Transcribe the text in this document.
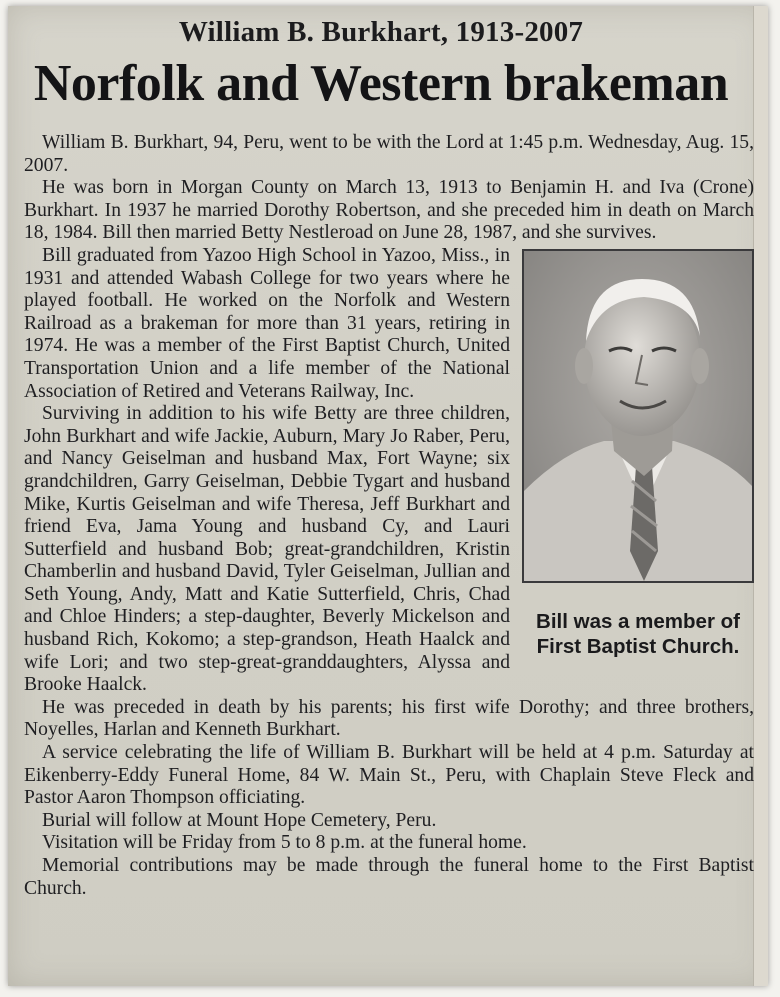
William B. Burkhart, 1913-2007
Norfolk and Western brakeman

William B. Burkhart, 94, Peru, went to be with the Lord at 1:45 p.m. Wednesday, Aug. 15, 2007.

He was born in Morgan County on March 13, 1913 to Benjamin H. and Iva (Crone) Burkhart. In 1937 he married Dorothy Robertson, and she preceded him in death on March 18, 1984. Bill then married Betty Nestleroad on June 28, 1987, and she survives.

Bill was a member of First Baptist Church.

Bill graduated from Yazoo High School in Yazoo, Miss., in 1931 and attended Wabash College for two years where he played football. He worked on the Norfolk and Western Railroad as a brakeman for more than 31 years, retiring in 1974. He was a member of the First Baptist Church, United Transportation Union and a life member of the National Association of Retired and Veterans Railway, Inc.

Surviving in addition to his wife Betty are three children, John Burkhart and wife Jackie, Auburn, Mary Jo Raber, Peru, and Nancy Geiselman and husband Max, Fort Wayne; six grandchildren, Garry Geiselman, Debbie Tygart and husband Mike, Kurtis Geiselman and wife Theresa, Jeff Burkhart and friend Eva, Jama Young and husband Cy, and Lauri Sutterfield and husband Bob; great-grandchildren, Kristin Chamberlin and husband David, Tyler Geiselman, Jullian and Seth Young, Andy, Matt and Katie Sutterfield, Chris, Chad and Chloe Hinders; a step-daughter, Beverly Mickelson and husband Rich, Kokomo; a step-grandson, Heath Haalck and wife Lori; and two step-great-granddaughters, Alyssa and Brooke Haalck.

He was preceded in death by his parents; his first wife Dorothy; and three brothers, Noyelles, Harlan and Kenneth Burkhart.

A service celebrating the life of William B. Burkhart will be held at 4 p.m. Saturday at Eikenberry-Eddy Funeral Home, 84 W. Main St., Peru, with Chaplain Steve Fleck and Pastor Aaron Thompson officiating.

Burial will follow at Mount Hope Cemetery, Peru.

Visitation will be Friday from 5 to 8 p.m. at the funeral home.

Memorial contributions may be made through the funeral home to the First Baptist Church.
